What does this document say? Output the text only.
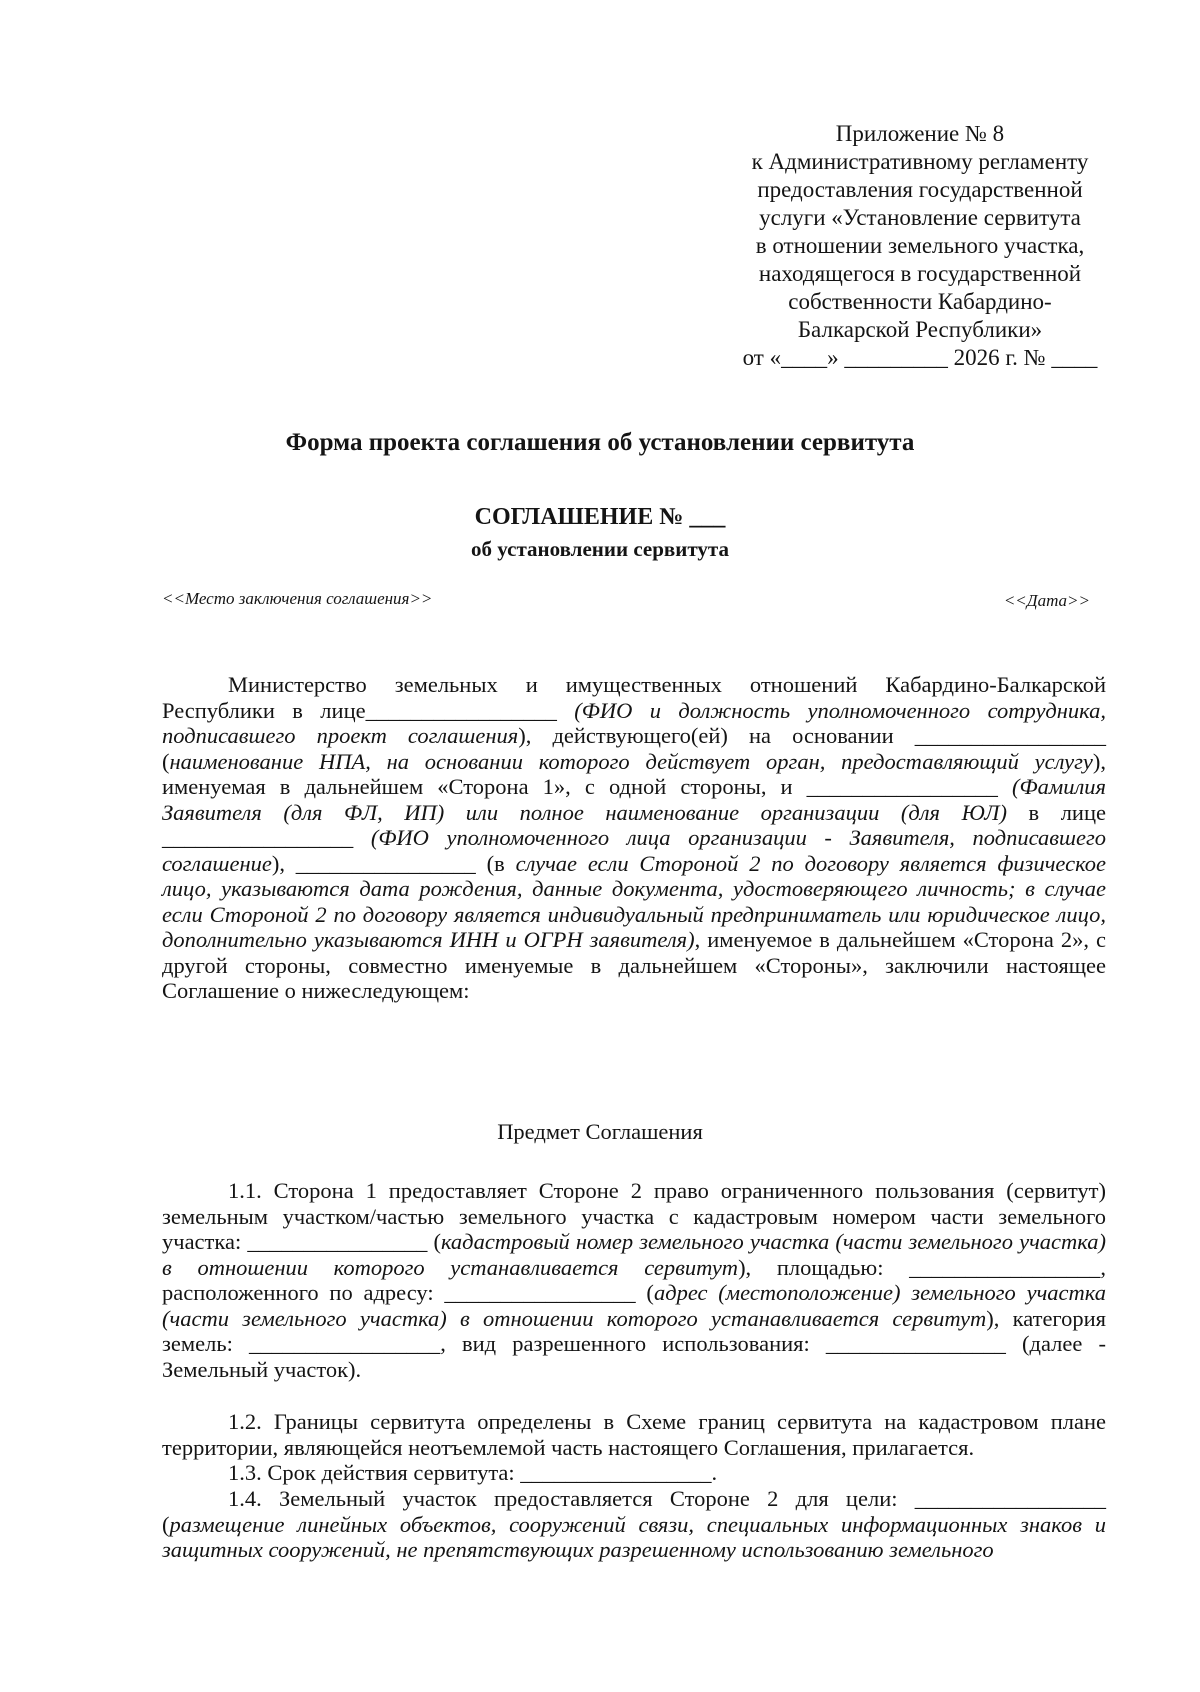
Приложение № 8
к Административному регламенту
предоставления государственной
услуги «Установление сервитута
в отношении земельного участка,
находящегося в государственной
собственности Кабардино-
Балкарской Республики»
от «____» _________ 2026 г. № ____
Форма проекта соглашения об установлении сервитута
СОГЛАШЕНИЕ № ___
об установлении сервитута
<<Место заключения соглашения>>	<<Дата>>

Министерство земельных и имущественных отношений Кабардино-Балкарской Республики в лице_________________ (ФИО и должность уполномоченного сотрудника, подписавшего проект соглашения), действующего(ей) на основании _________________ (наименование НПА, на основании которого действует орган, предоставляющий услугу), именуемая в дальнейшем «Сторона 1», с одной стороны, и _________________ (Фамилия Заявителя (для ФЛ, ИП) или полное наименование организации (для ЮЛ) в лице _________________ (ФИО уполномоченного лица организации - Заявителя, подписавшего соглашение), ________________ (в случае если Стороной 2 по договору является физическое лицо, указываются дата рождения, данные документа, удостоверяющего личность; в случае если Стороной 2 по договору является индивидуальный предприниматель или юридическое лицо, дополнительно указываются ИНН и ОГРН заявителя), именуемое в дальнейшем «Сторона 2», с другой стороны, совместно именуемые в дальнейшем «Стороны», заключили настоящее Соглашение о нижеследующем:

Предмет Соглашения

1.1. Сторона 1 предоставляет Стороне 2 право ограниченного пользования (сервитут) земельным участком/частью земельного участка с кадастровым номером части земельного участка: ________________ (кадастровый номер земельного участка (части земельного участка) в отношении которого устанавливается сервитут), площадью: _________________, расположенного по адресу: _________________ (адрес (местоположение) земельного участка (части земельного участка) в отношении которого устанавливается сервитут), категория земель: _________________, вид разрешенного использования: ________________ (далее - Земельный участок).

1.2. Границы сервитута определены в Схеме границ сервитута на кадастровом плане территории, являющейся неотъемлемой часть настоящего Соглашения, прилагается.

1.3. Срок действия сервитута: _________________.

1.4. Земельный участок предоставляется Стороне 2 для цели: _________________ (размещение линейных объектов, сооружений связи, специальных информационных знаков и защитных сооружений, не препятствующих разрешенному использованию земельного
